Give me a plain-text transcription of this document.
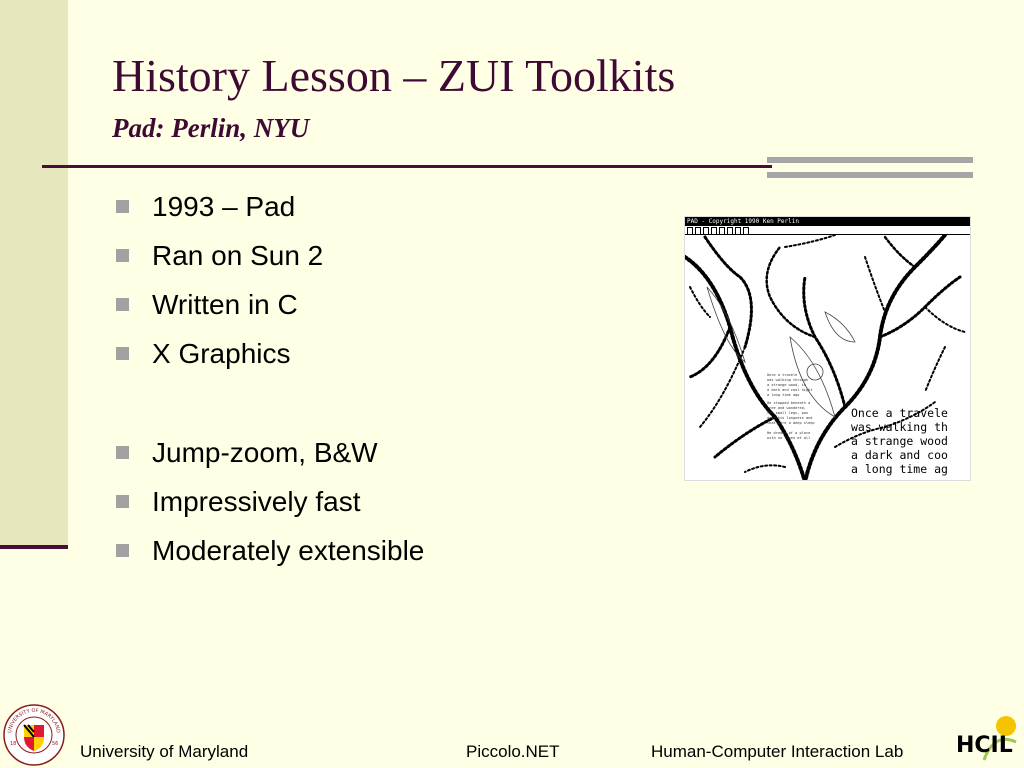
History Lesson – ZUI Toolkits
Pad: Perlin, NYU
1993 – Pad
Ran on Sun 2
Written in C
X Graphics
Jump-zoom, B&W
Impressively fast
Moderately extensible
PAD - Copyright 1990 Ken Perlin
Once a travele
was walking through
a strange wood, in
a dark and cool night
a long time ago
He stopped beneath a
tree and wondered,
the small legs, pas
down his longness and
that were a deep sleep
He dreamt of a place
with no trees at all
Once a travele
was walking th
a strange wood
a dark and coo
a long time ag
UNIVERSITY OF MARYLAND
18	56 University of Maryland	Piccolo.NET	Human-Computer Interaction Lab HCIL
